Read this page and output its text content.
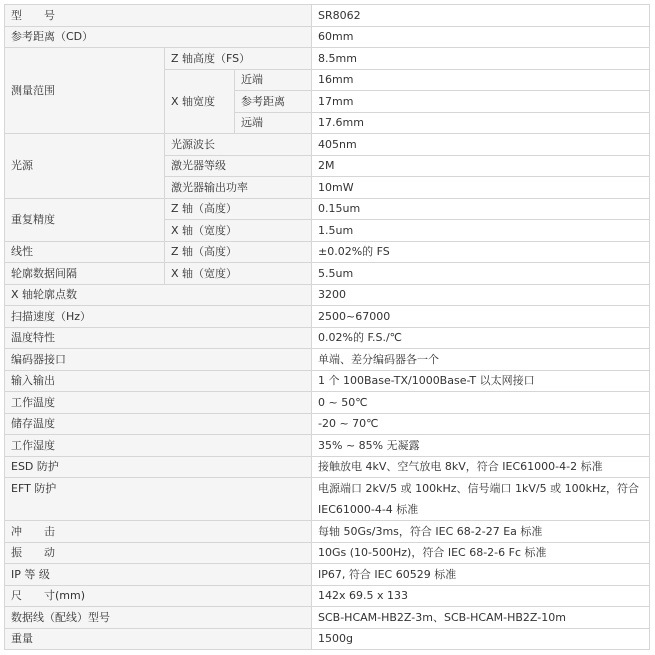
型　　号			SR8062
参考距离（CD）			60mm
测量范围	Z 轴高度（FS）		8.5mm
	X 轴宽度	近端	16mm
		参考距离	17mm
		远端	17.6mm
光源	光源波长		405nm
	激光器等级		2M
	激光器输出功率		10mW
重复精度	Z 轴（高度）		0.15um
	X 轴（宽度）		1.5um
线性	Z 轴（高度）		±0.02%的 FS
轮廓数据间隔	X 轴（宽度）		5.5um
X 轴轮廓点数			3200
扫描速度（Hz）			2500~67000
温度特性			0.02%的 F.S./℃
编码器接口			单端、差分编码器各一个
输入输出			1 个 100Base-TX/1000Base-T 以太网接口
工作温度			0 ~ 50℃
储存温度			-20 ~ 70℃
工作湿度			35% ~ 85% 无凝露
ESD 防护			接触放电 4kV、空气放电 8kV，符合 IEC61000-4-2 标准
EFT 防护			电源端口 2kV/5 或 100kHz、信号端口 1kV/5 或 100kHz，符合 IEC61000-4-4 标准
冲　　击			每轴 50Gs/3ms，符合 IEC 68-2-27 Ea 标准
振　　动			10Gs (10-500Hz)，符合 IEC 68-2-6 Fc 标准
IP 等 级			IP67, 符合 IEC 60529 标准
尺　　寸(mm)			142x 69.5 x 133
数据线（配线）型号			SCB-HCAM-HB2Z-3m、SCB-HCAM-HB2Z-10m
重量			1500g
